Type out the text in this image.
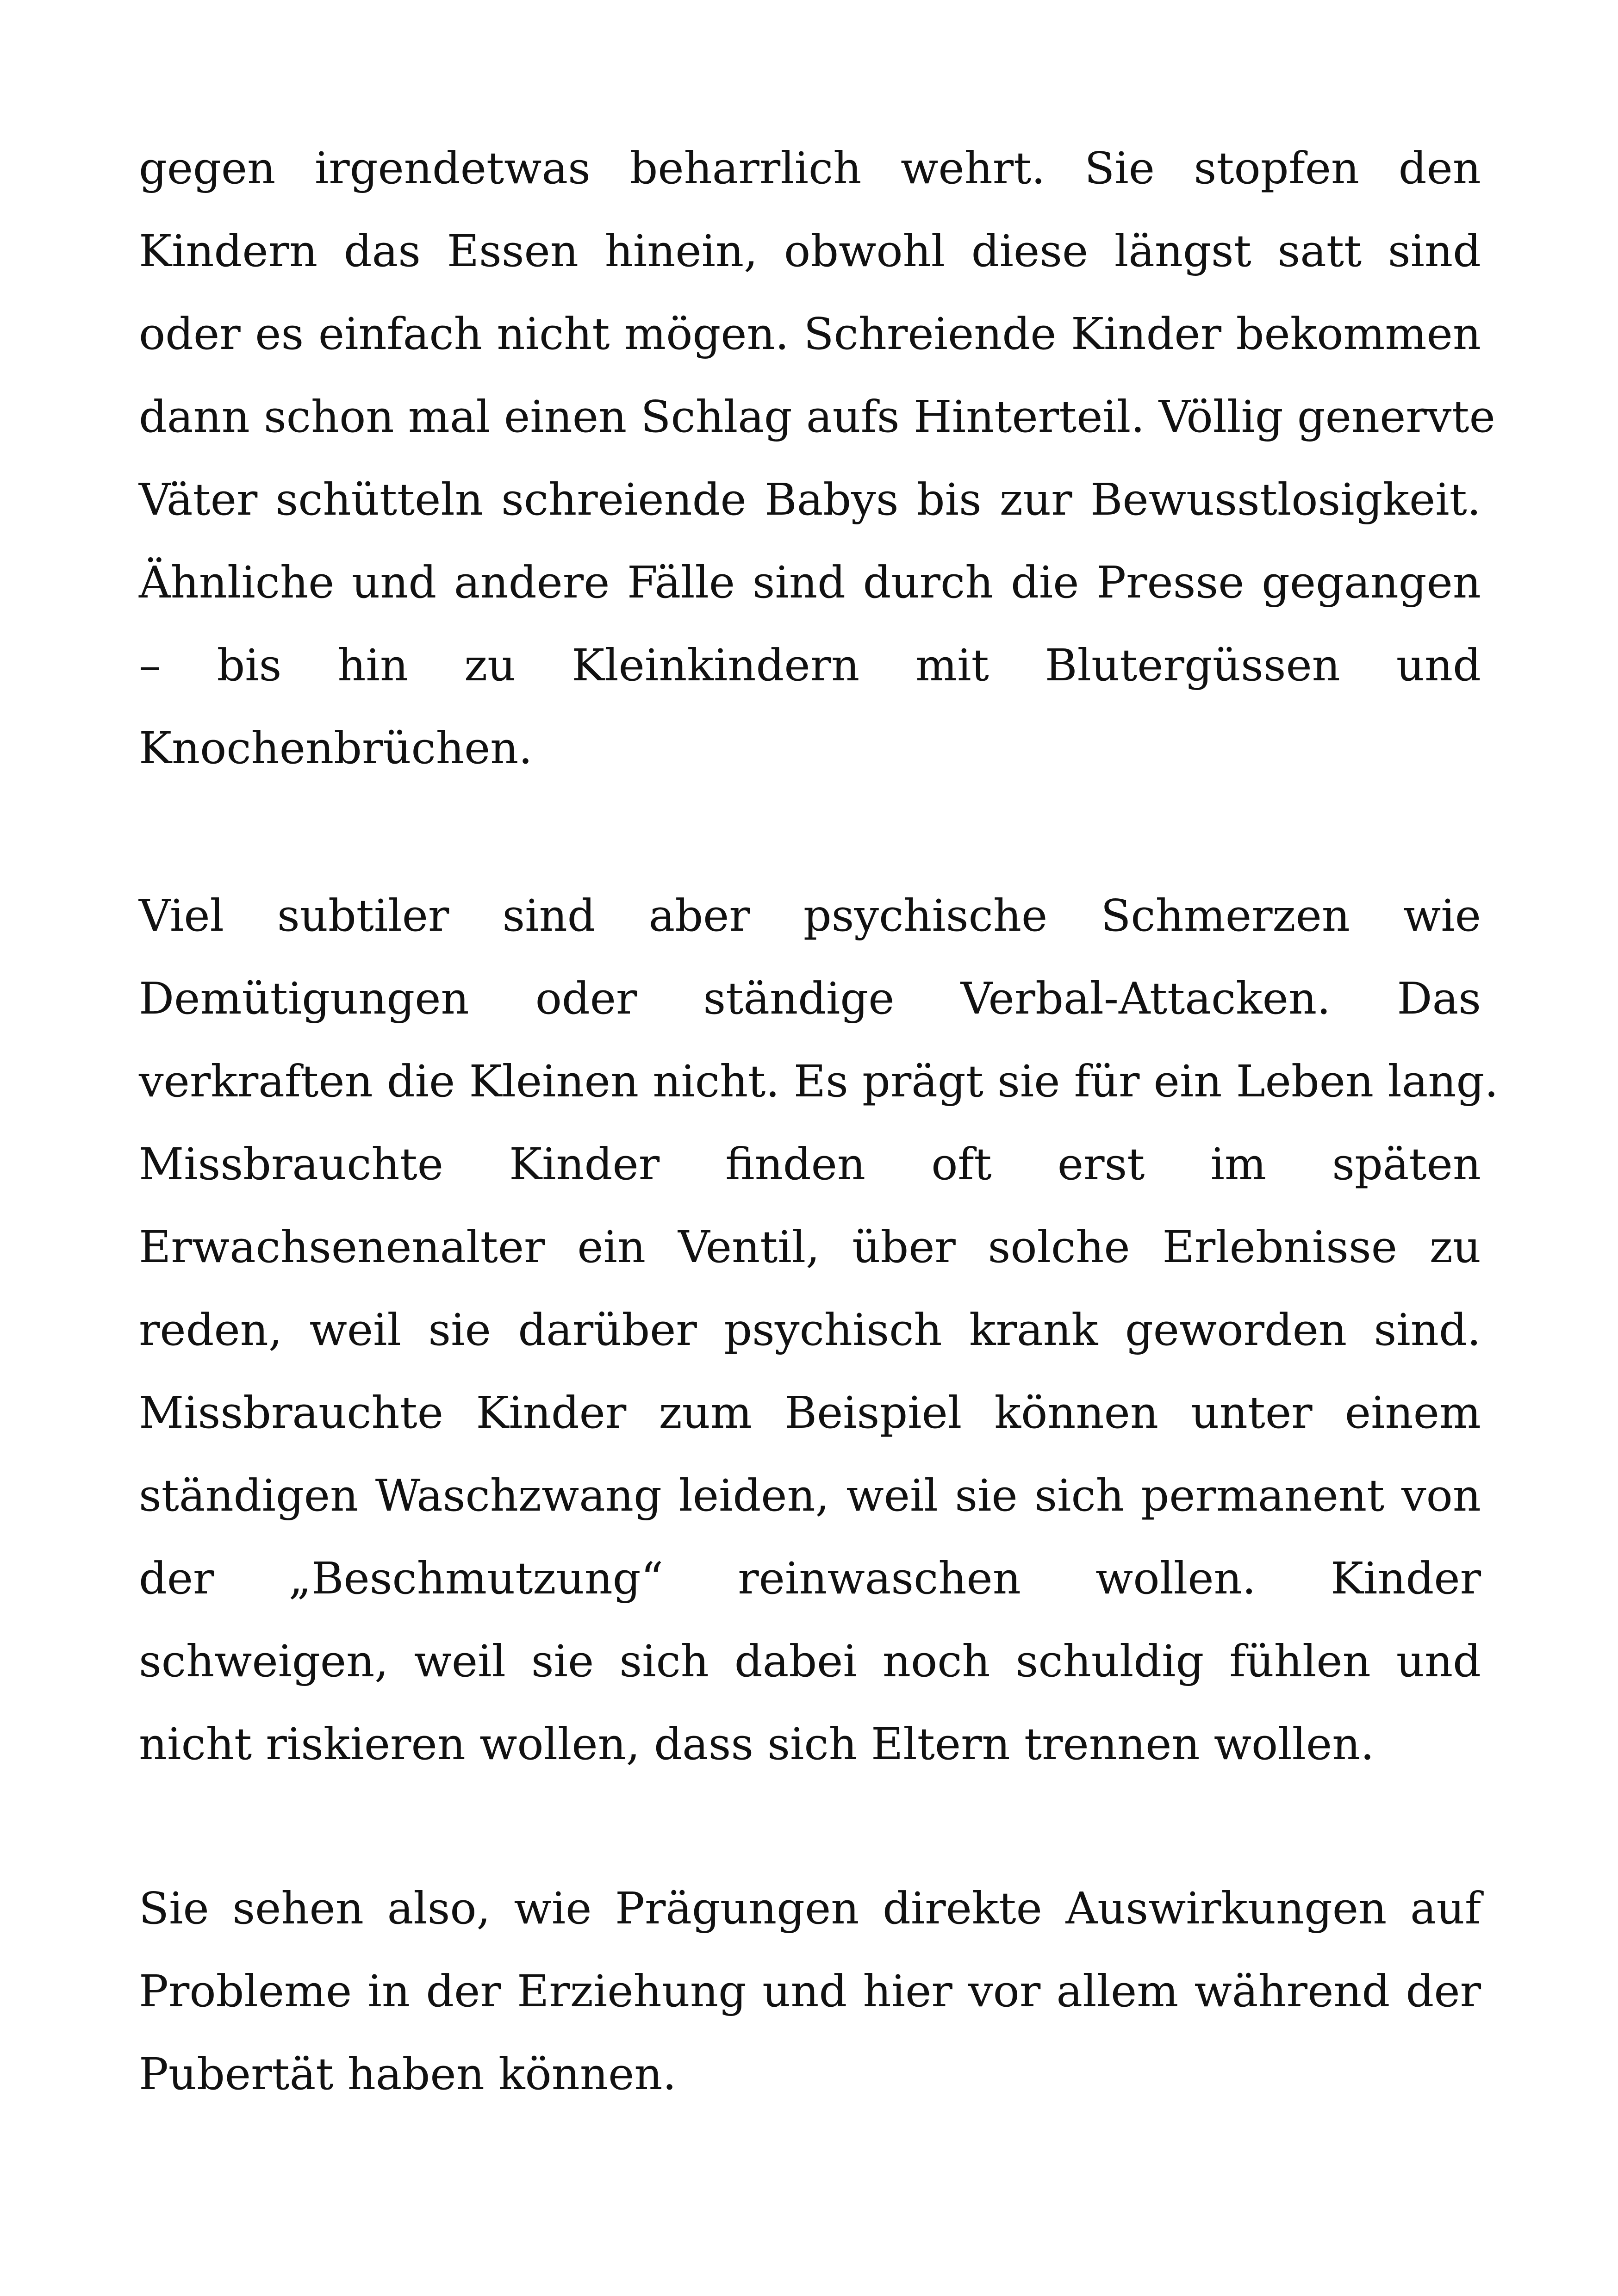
gegen irgendetwas beharrlich wehrt. Sie stopfen den
Kindern das Essen hinein, obwohl diese längst satt sind
oder es einfach nicht mögen. Schreiende Kinder bekommen
dann schon mal einen Schlag aufs Hinterteil. Völlig genervte
Väter schütteln schreiende Babys bis zur Bewusstlosigkeit.
Ähnliche und andere Fälle sind durch die Presse gegangen
– bis hin zu Kleinkindern mit Blutergüssen und
Knochenbrüchen.

Viel subtiler sind aber psychische Schmerzen wie
Demütigungen oder ständige Verbal-Attacken. Das
verkraften die Kleinen nicht. Es prägt sie für ein Leben lang.
Missbrauchte Kinder finden oft erst im späten
Erwachsenenalter ein Ventil, über solche Erlebnisse zu
reden, weil sie darüber psychisch krank geworden sind.
Missbrauchte Kinder zum Beispiel können unter einem
ständigen Waschzwang leiden, weil sie sich permanent von
der „Beschmutzung“ reinwaschen wollen. Kinder
schweigen, weil sie sich dabei noch schuldig fühlen und
nicht riskieren wollen, dass sich Eltern trennen wollen.

Sie sehen also, wie Prägungen direkte Auswirkungen auf
Probleme in der Erziehung und hier vor allem während der
Pubertät haben können.
